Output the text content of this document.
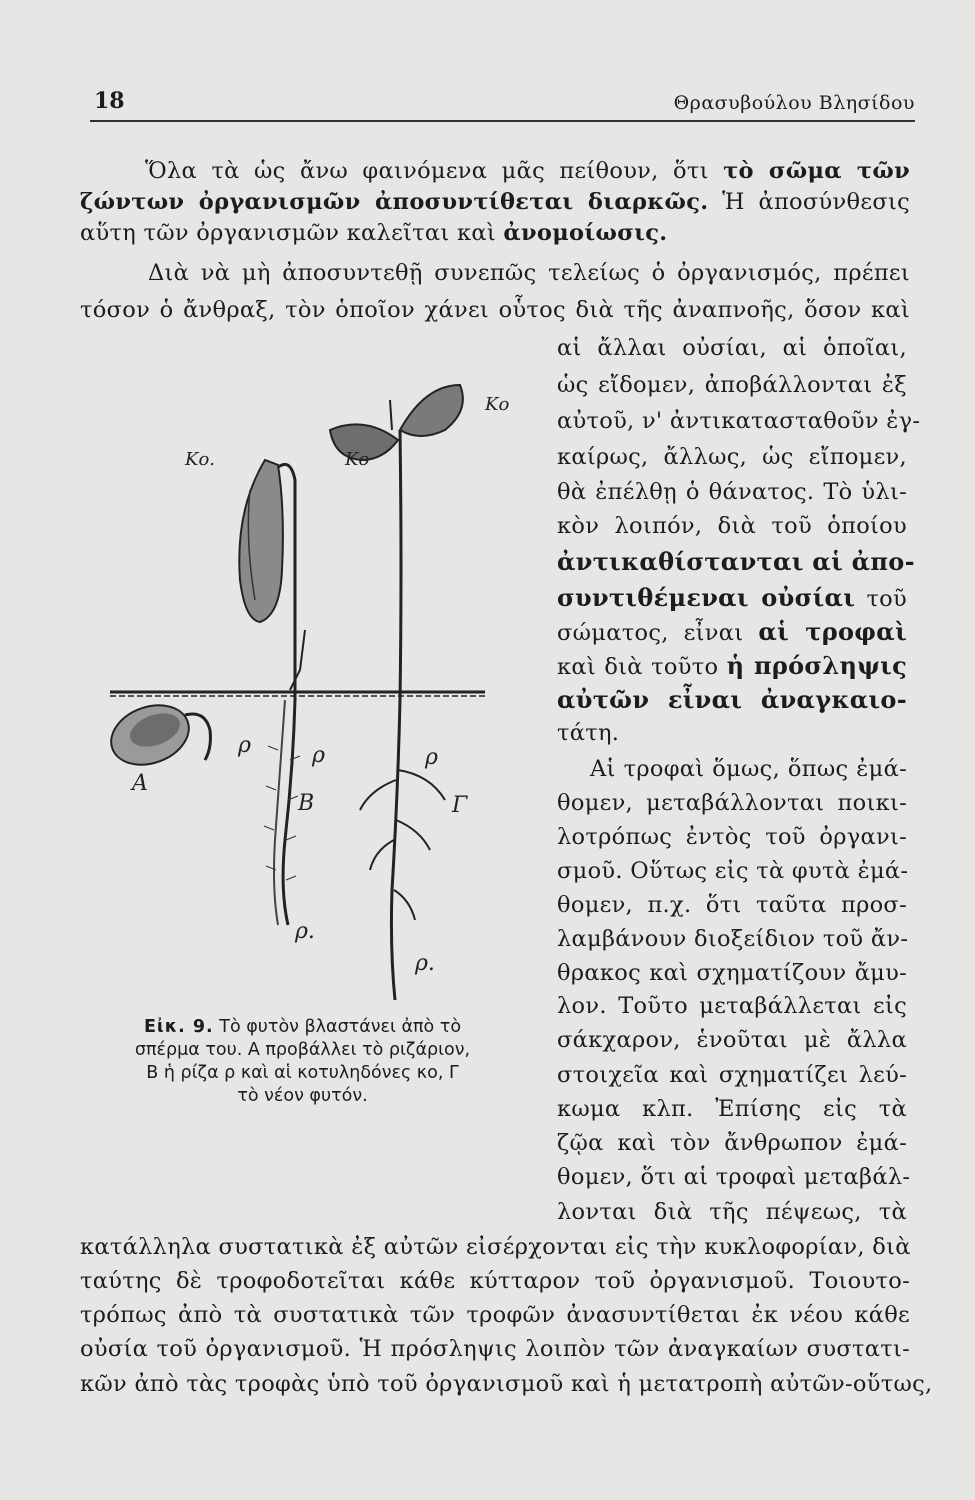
18	Θρασυβούλου Βλησίδου
Ὅλα τὰ ὡς ἄνω φαινόμενα μᾶς πείθουν, ὅτι τὸ σῶμα τῶν
ζώντων ὀργανισμῶν ἀποσυντίθεται διαρκῶς. Ἡ ἀποσύνθεσις
αὕτη τῶν ὀργανισμῶν καλεῖται καὶ ἀνομοίωσις.
Διὰ νὰ μὴ ἀποσυντεθῇ συνεπῶς τελείως ὁ ὀργανισμός, πρέπει
τόσον ὁ ἄνθραξ, τὸν ὁποῖον χάνει οὗτος διὰ τῆς ἀναπνοῆς, ὅσον καὶ
αἱ ἄλλαι οὐσίαι, αἱ ὁποῖαι,
ὡς εἴδομεν, ἀποβάλλονται ἐξ
αὐτοῦ, ν' ἀντικατασταθοῦν ἐγ-
καίρως, ἄλλως, ὡς εἴπομεν,
θὰ ἐπέλθῃ ὁ θάνατος. Τὸ ὑλι-
κὸν λοιπόν, διὰ τοῦ ὁποίου
ἀντικαθίστανται αἱ ἀπο-
συντιθέμεναι οὐσίαι τοῦ
σώματος, εἶναι αἱ τροφαὶ
καὶ διὰ τοῦτο ἡ πρόσληψις
αὐτῶν εἶναι ἀναγκαιο-
τάτη.
Αἱ τροφαὶ ὅμως, ὅπως ἐμά-
θομεν, μεταβάλλονται ποικι-
λοτρόπως ἐντὸς τοῦ ὀργανι-
σμοῦ. Οὕτως εἰς τὰ φυτὰ ἐμά-
θομεν, π.χ. ὅτι ταῦτα προσ-
λαμβάνουν διοξείδιον τοῦ ἄν-
θρακος καὶ σχηματίζουν ἄμυ-
λον. Τοῦτο μεταβάλλεται εἰς
σάκχαρον, ἑνοῦται μὲ ἄλλα
στοιχεῖα καὶ σχηματίζει λεύ-
κωμα κλπ. Ἐπίσης εἰς τὰ
ζῷα καὶ τὸν ἄνθρωπον ἐμά-
θομεν, ὅτι αἱ τροφαὶ μεταβάλ-
λονται διὰ τῆς πέψεως, τὰ
κατάλληλα συστατικὰ ἐξ αὐτῶν εἰσέρχονται εἰς τὴν κυκλοφορίαν, διὰ
ταύτης δὲ τροφοδοτεῖται κάθε κύτταρον τοῦ ὀργανισμοῦ. Τοιουτο-
τρόπως ἀπὸ τὰ συστατικὰ τῶν τροφῶν ἀνασυντίθεται ἐκ νέου κάθε
οὐσία τοῦ ὀργανισμοῦ. Ἡ πρόσληψις λοιπὸν τῶν ἀναγκαίων συστατι-
κῶν ἀπὸ τὰς τροφὰς ὑπὸ τοῦ ὀργανισμοῦ καὶ ἡ μετατροπὴ αὐτῶν-οὕτως,
Κο
Κο.	Κο
ρ	ρ	ρ
ρ.
ρ.
Α
Β	Γ
Εἰκ. 9. Τὸ φυτὸν βλαστάνει ἀπὸ τὸ
σπέρμα του. Α προβάλλει τὸ ριζάριον,
Β ἡ ρίζα ρ καὶ αἱ κοτυληδόνες κο, Γ
τὸ νέον φυτόν.
